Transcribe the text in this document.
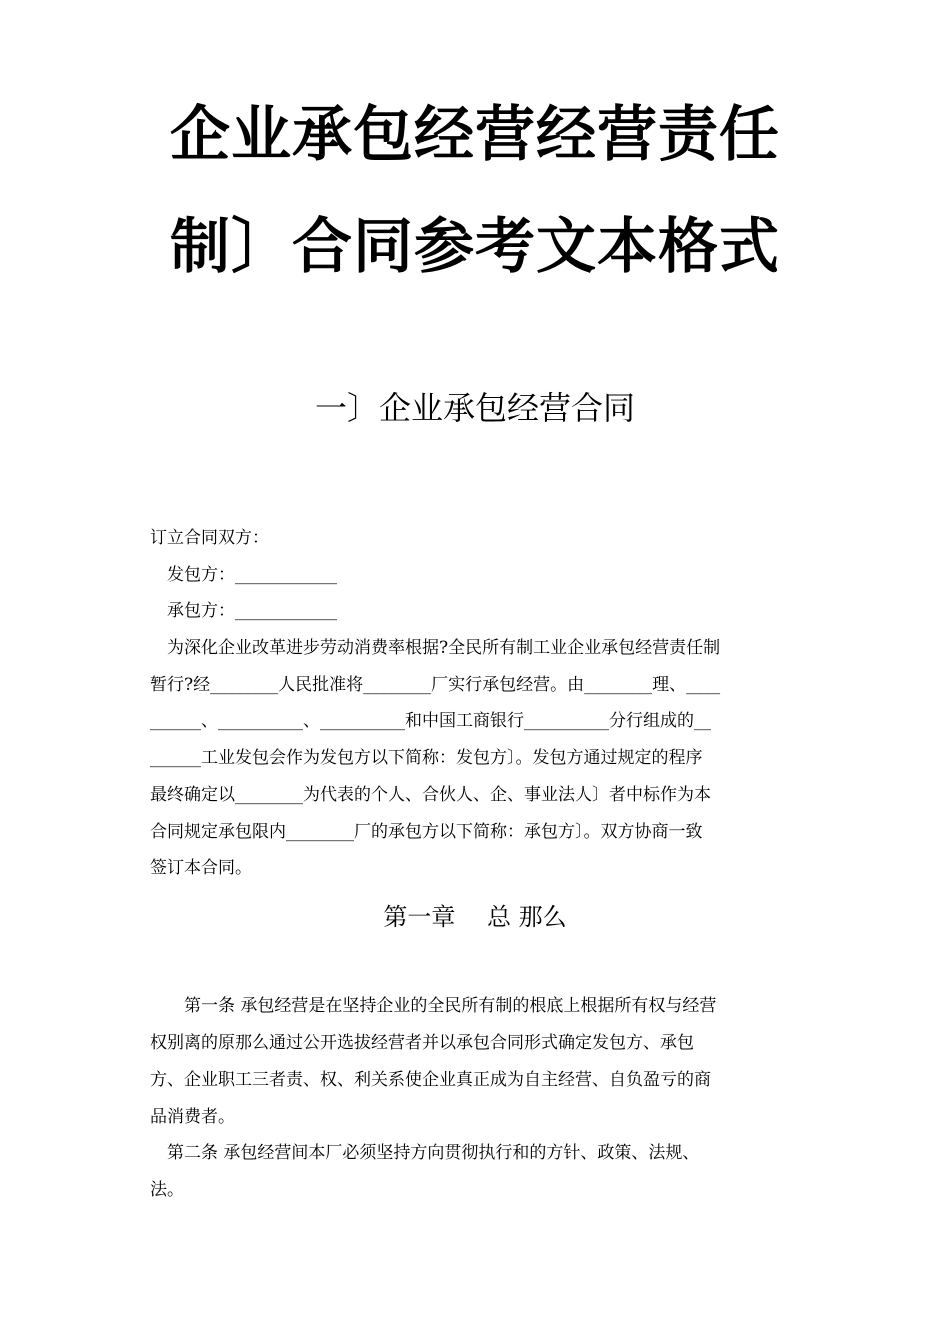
企业承包经营经营责任
制〕合同参考文本格式
一〕企业承包经营合同
订立合同双方：
　发包方：____________
　承包方：____________
　为深化企业改革进步劳动消费率根据?全民所有制工业企业承包经营责任制
暂行?经________人民批准将________厂实行承包经营。由________理、____
______、__________、__________和中国工商银行__________分行组成的__
______工业发包会作为发包方以下简称：发包方〕。发包方通过规定的程序
最终确定以________为代表的个人、合伙人、企、事业法人〕者中标作为本
合同规定承包限内________厂的承包方以下简称：承包方〕。双方协商一致
签订本合同。
第一章　 总 那么
　　第一条 承包经营是在坚持企业的全民所有制的根底上根据所有权与经营
权别离的原那么通过公开选拔经营者并以承包合同形式确定发包方、承包
方、企业职工三者责、权、利关系使企业真正成为自主经营、自负盈亏的商
品消费者。
　第二条 承包经营间本厂必须坚持方向贯彻执行和的方针、政策、法规、
法。
